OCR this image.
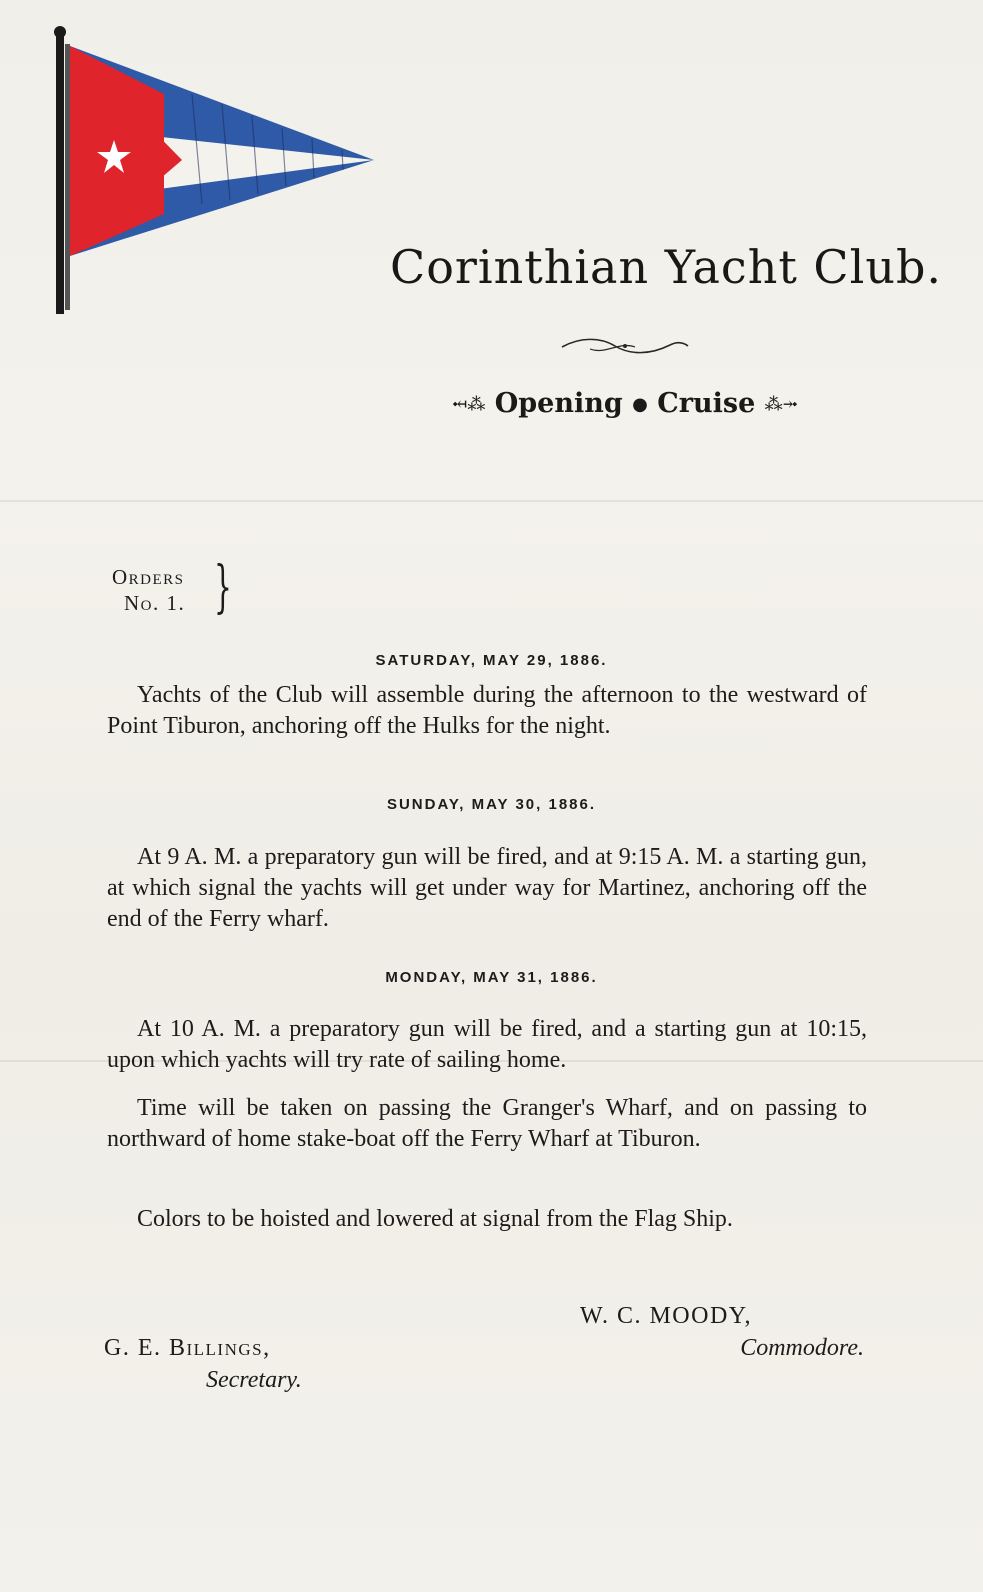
Corinthian Yacht Club.
⤟⁂ Opening ● Cruise ⁂⤞
Orders
No. 1. }
SATURDAY, MAY 29, 1886.
Yachts of the Club will assemble during the afternoon to the westward of Point Tiburon, anchoring off the Hulks for the night.
SUNDAY, MAY 30, 1886.
At 9 A. M. a preparatory gun will be fired, and at 9:15 A. M. a starting gun, at which signal the yachts will get under way for Martinez, anchoring off the end of the Ferry wharf.
MONDAY, MAY 31, 1886.
At 10 A. M. a preparatory gun will be fired, and a starting gun at 10:15, upon which yachts will try rate of sailing home.
Time will be taken on passing the Granger's Wharf, and on passing to northward of home stake-boat off the Ferry Wharf at Tiburon.
Colors to be hoisted and lowered at signal from the Flag Ship.
W. C. MOODY,
Commodore.
G. E. Billings,
Secretary.
